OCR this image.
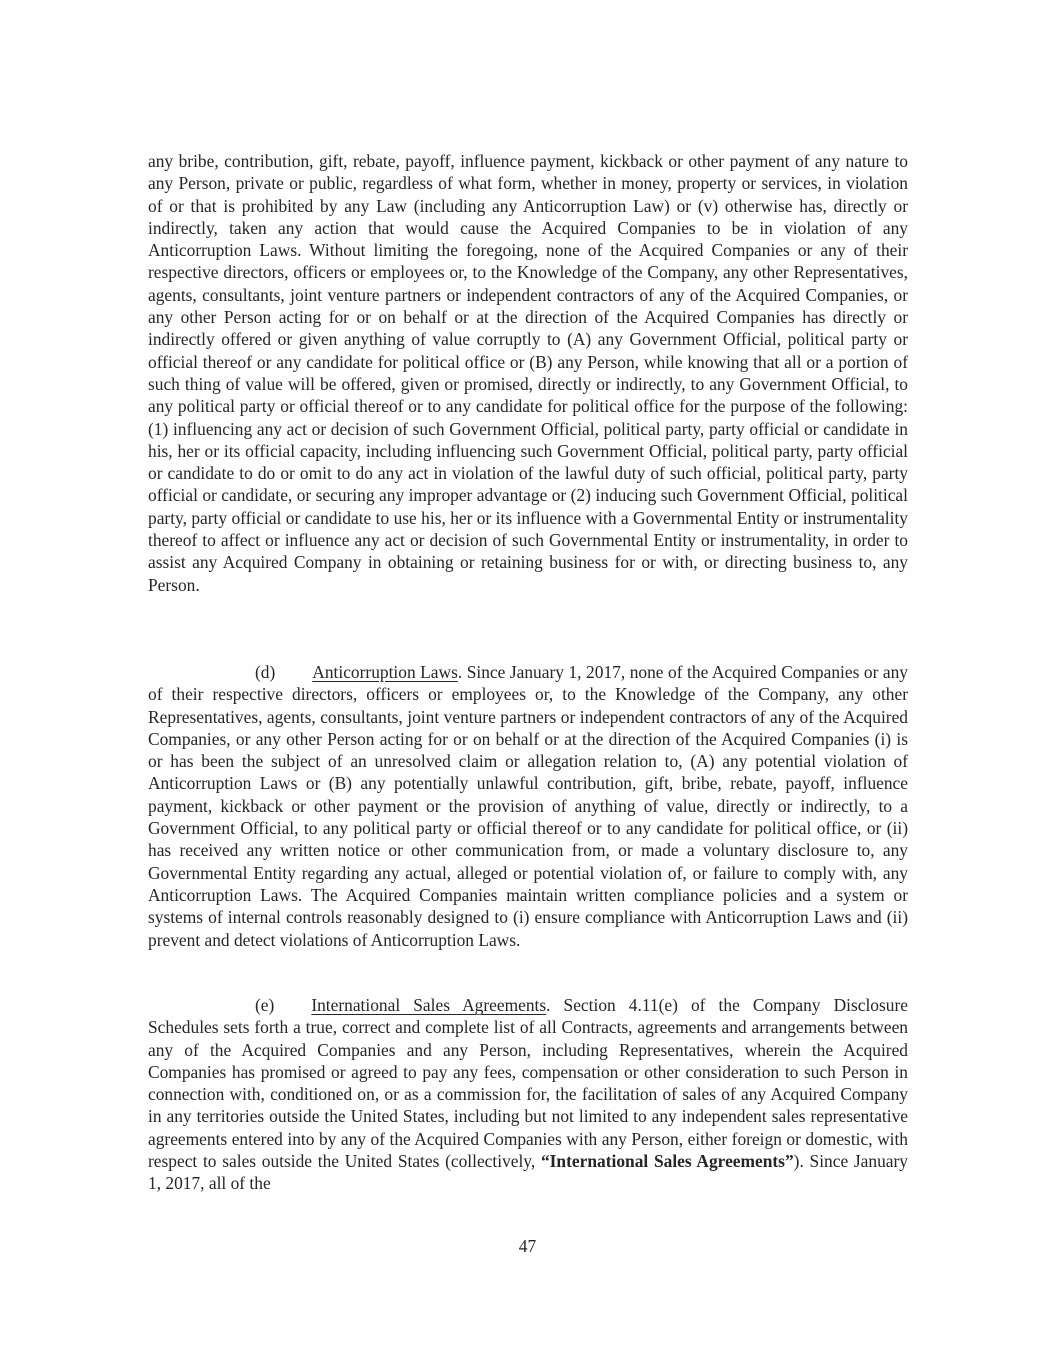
any bribe, contribution, gift, rebate, payoff, influence payment, kickback or other payment of any nature to any Person, private or public, regardless of what form, whether in money, property or services, in violation of or that is prohibited by any Law (including any Anticorruption Law) or (v) otherwise has, directly or indirectly, taken any action that would cause the Acquired Companies to be in violation of any Anticorruption Laws. Without limiting the foregoing, none of the Acquired Companies or any of their respective directors, officers or employees or, to the Knowledge of the Company, any other Representatives, agents, consultants, joint venture partners or independent contractors of any of the Acquired Companies, or any other Person acting for or on behalf or at the direction of the Acquired Companies has directly or indirectly offered or given anything of value corruptly to (A) any Government Official, political party or official thereof or any candidate for political office or (B) any Person, while knowing that all or a portion of such thing of value will be offered, given or promised, directly or indirectly, to any Government Official, to any political party or official thereof or to any candidate for political office for the purpose of the following: (1) influencing any act or decision of such Government Official, political party, party official or candidate in his, her or its official capacity, including influencing such Government Official, political party, party official or candidate to do or omit to do any act in violation of the lawful duty of such official, political party, party official or candidate, or securing any improper advantage or (2) inducing such Government Official, political party, party official or candidate to use his, her or its influence with a Governmental Entity or instrumentality thereof to affect or influence any act or decision of such Governmental Entity or instrumentality, in order to assist any Acquired Company in obtaining or retaining business for or with, or directing business to, any Person.

(d) Anticorruption Laws. Since January 1, 2017, none of the Acquired Companies or any of their respective directors, officers or employees or, to the Knowledge of the Company, any other Representatives, agents, consultants, joint venture partners or independent contractors of any of the Acquired Companies, or any other Person acting for or on behalf or at the direction of the Acquired Companies (i) is or has been the subject of an unresolved claim or allegation relation to, (A) any potential violation of Anticorruption Laws or (B) any potentially unlawful contribution, gift, bribe, rebate, payoff, influence payment, kickback or other payment or the provision of anything of value, directly or indirectly, to a Government Official, to any political party or official thereof or to any candidate for political office, or (ii) has received any written notice or other communication from, or made a voluntary disclosure to, any Governmental Entity regarding any actual, alleged or potential violation of, or failure to comply with, any Anticorruption Laws. The Acquired Companies maintain written compliance policies and a system or systems of internal controls reasonably designed to (i) ensure compliance with Anticorruption Laws and (ii) prevent and detect violations of Anticorruption Laws.

(e) International Sales Agreements. Section 4.11(e) of the Company Disclosure Schedules sets forth a true, correct and complete list of all Contracts, agreements and arrangements between any of the Acquired Companies and any Person, including Representatives, wherein the Acquired Companies has promised or agreed to pay any fees, compensation or other consideration to such Person in connection with, conditioned on, or as a commission for, the facilitation of sales of any Acquired Company in any territories outside the United States, including but not limited to any independent sales representative agreements entered into by any of the Acquired Companies with any Person, either foreign or domestic, with respect to sales outside the United States (collectively, “International Sales Agreements”). Since January 1, 2017, all of the

47
